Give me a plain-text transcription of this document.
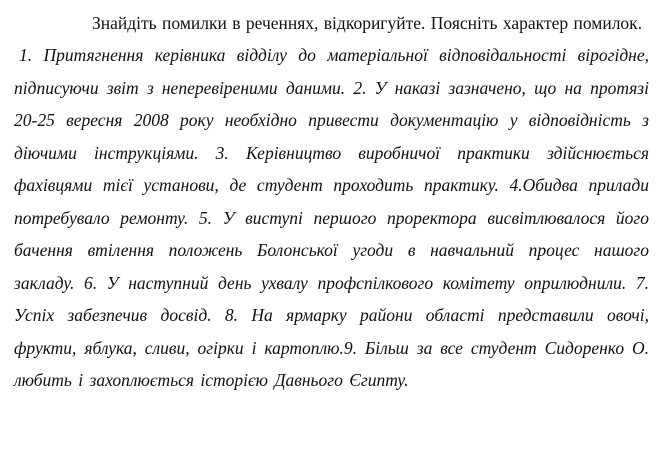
Знайдіть помилки в реченнях, відкоригуйте. Поясніть характер помилок.

1. Притягнення керівника відділу до матеріальної відповідальності вірогідне, підписуючи звіт з неперевіреними даними. 2. У наказі зазначено, що на протязі 20-25 вересня 2008 року необхідно привести документацію у відповідність з діючими інструкціями. 3. Керівництво виробничої практики здійснюється фахівцями тієї установи, де студент проходить практику. 4.Обидва прилади потребувало ремонту. 5. У виступі першого проректора висвітлювалося його бачення втілення положень Болонської угоди в навчальний процес нашого закладу. 6. У наступний день ухвалу профспілкового комітету оприлюднили. 7. Успіх забезпечив досвід. 8. На ярмарку райони області представили овочі, фрукти, яблука, сливи, огірки і картоплю.9. Більш за все студент Сидоренко О. любить і захоплюється історією Давнього Єгипту.
